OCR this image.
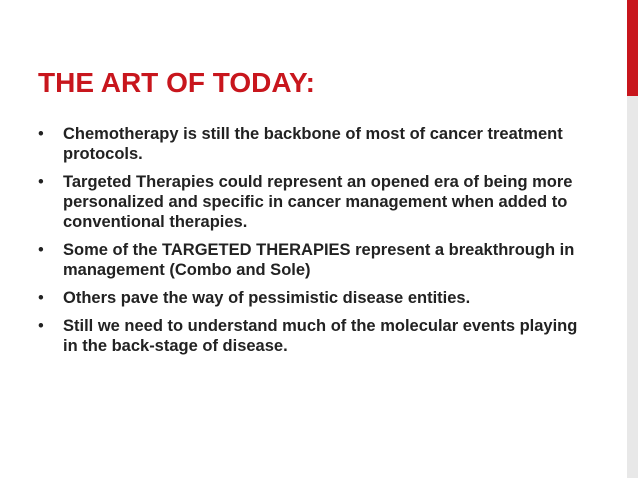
THE ART OF TODAY:
• Chemotherapy is still the backbone of most of cancer treatment protocols.
• Targeted Therapies could represent an opened era of being more personalized and specific in cancer management when added to conventional therapies.
• Some of the TARGETED THERAPIES represent a breakthrough in management (Combo and Sole)
• Others pave the way of pessimistic disease entities.
• Still we need to understand much of the molecular events playing in the back-stage of disease.
